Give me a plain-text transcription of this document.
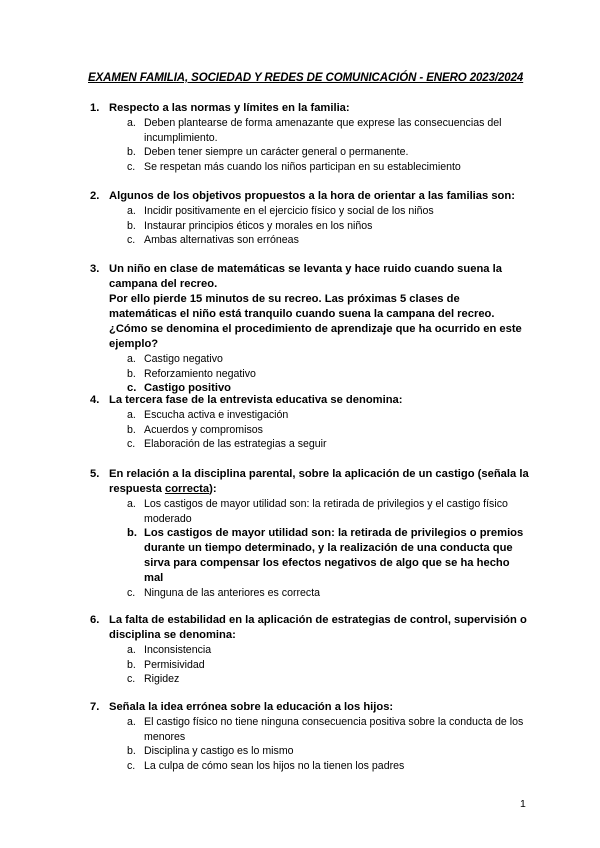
EXAMEN FAMILIA, SOCIEDAD Y REDES DE COMUNICACIÓN - ENERO 2023/2024
1. Respecto a las normas y límites en la familia:
a. Deben plantearse de forma amenazante que exprese las consecuencias del incumplimiento.
b. Deben tener siempre un carácter general o permanente.
c. Se respetan más cuando los niños participan en su establecimiento
2. Algunos de los objetivos propuestos a la hora de orientar a las familias son:
a. Incidir positivamente en el ejercicio físico y social de los niños
b. Instaurar principios éticos y morales en los niños
c. Ambas alternativas son erróneas
3. Un niño en clase de matemáticas se levanta y hace ruido cuando suena la campana del recreo.
Por ello pierde 15 minutos de su recreo. Las próximas 5 clases de matemáticas el niño está tranquilo cuando suena la campana del recreo. ¿Cómo se denomina el procedimiento de aprendizaje que ha ocurrido en este ejemplo?
a. Castigo negativo
b. Reforzamiento negativo
c. Castigo positivo
4. La tercera fase de la entrevista educativa se denomina:
a. Escucha activa e investigación
b. Acuerdos y compromisos
c. Elaboración de las estrategias a seguir
5. En relación a la disciplina parental, sobre la aplicación de un castigo (señala la respuesta correcta):
a. Los castigos de mayor utilidad son: la retirada de privilegios y el castigo físico moderado
b. Los castigos de mayor utilidad son: la retirada de privilegios o premios durante un tiempo determinado, y la realización de una conducta que sirva para compensar los efectos negativos de algo que se ha hecho mal
c. Ninguna de las anteriores es correcta
6. La falta de estabilidad en la aplicación de estrategias de control, supervisión o disciplina se denomina:
a. Inconsistencia
b. Permisividad
c. Rigidez
7. Señala la idea errónea sobre la educación a los hijos:
a. El castigo físico no tiene ninguna consecuencia positiva sobre la conducta de los menores
b. Disciplina y castigo es lo mismo
c. La culpa de cómo sean los hijos no la tienen los padres
1
